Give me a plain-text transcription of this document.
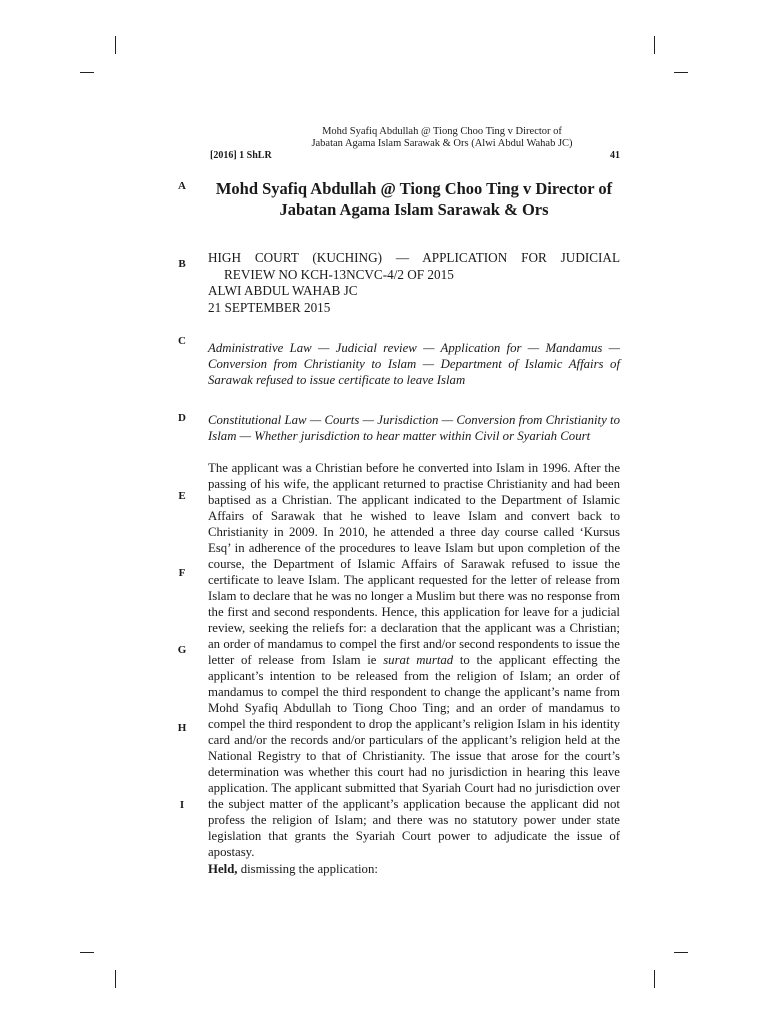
Mohd Syafiq Abdullah @ Tiong Choo Ting v Director of Jabatan Agama Islam Sarawak & Ors (Alwi Abdul Wahab JC)
[2016] 1 ShLR	41
A
B
C
D
E
F
G
H
I
Mohd Syafiq Abdullah @ Tiong Choo Ting v Director of Jabatan Agama Islam Sarawak & Ors
HIGH COURT (KUCHING) — APPLICATION FOR JUDICIAL
REVIEW NO KCH-13NCVC-4/2 OF 2015
ALWI ABDUL WAHAB JC
21 SEPTEMBER 2015
Administrative Law — Judicial review — Application for — Mandamus — Conversion from Christianity to Islam — Department of Islamic Affairs of Sarawak refused to issue certificate to leave Islam
Constitutional Law — Courts — Jurisdiction — Conversion from Christianity to Islam — Whether jurisdiction to hear matter within Civil or Syariah Court

The applicant was a Christian before he converted into Islam in 1996. After the passing of his wife, the applicant returned to practise Christianity and had been baptised as a Christian. The applicant indicated to the Department of Islamic Affairs of Sarawak that he wished to leave Islam and convert back to Christianity in 2009. In 2010, he attended a three day course called ‘Kursus Esq’ in adherence of the procedures to leave Islam but upon completion of the course, the Department of Islamic Affairs of Sarawak refused to issue the certificate to leave Islam. The applicant requested for the letter of release from Islam to declare that he was no longer a Muslim but there was no response from the first and second respondents. Hence, this application for leave for a judicial review, seeking the reliefs for: a declaration that the applicant was a Christian; an order of mandamus to compel the first and/or second respondents to issue the letter of release from Islam ie surat murtad to the applicant effecting the applicant’s intention to be released from the religion of Islam; an order of mandamus to compel the third respondent to change the applicant’s name from Mohd Syafiq Abdullah to Tiong Choo Ting; and an order of mandamus to compel the third respondent to drop the applicant’s religion Islam in his identity card and/or the records and/or particulars of the applicant’s religion held at the National Registry to that of Christianity. The issue that arose for the court’s determination was whether this court had no jurisdiction in hearing this leave application. The applicant submitted that Syariah Court had no jurisdiction over the subject matter of the applicant’s application because the applicant did not profess the religion of Islam; and there was no statutory power under state legislation that grants the Syariah Court power to adjudicate the issue of apostasy.

Held, dismissing the application:
